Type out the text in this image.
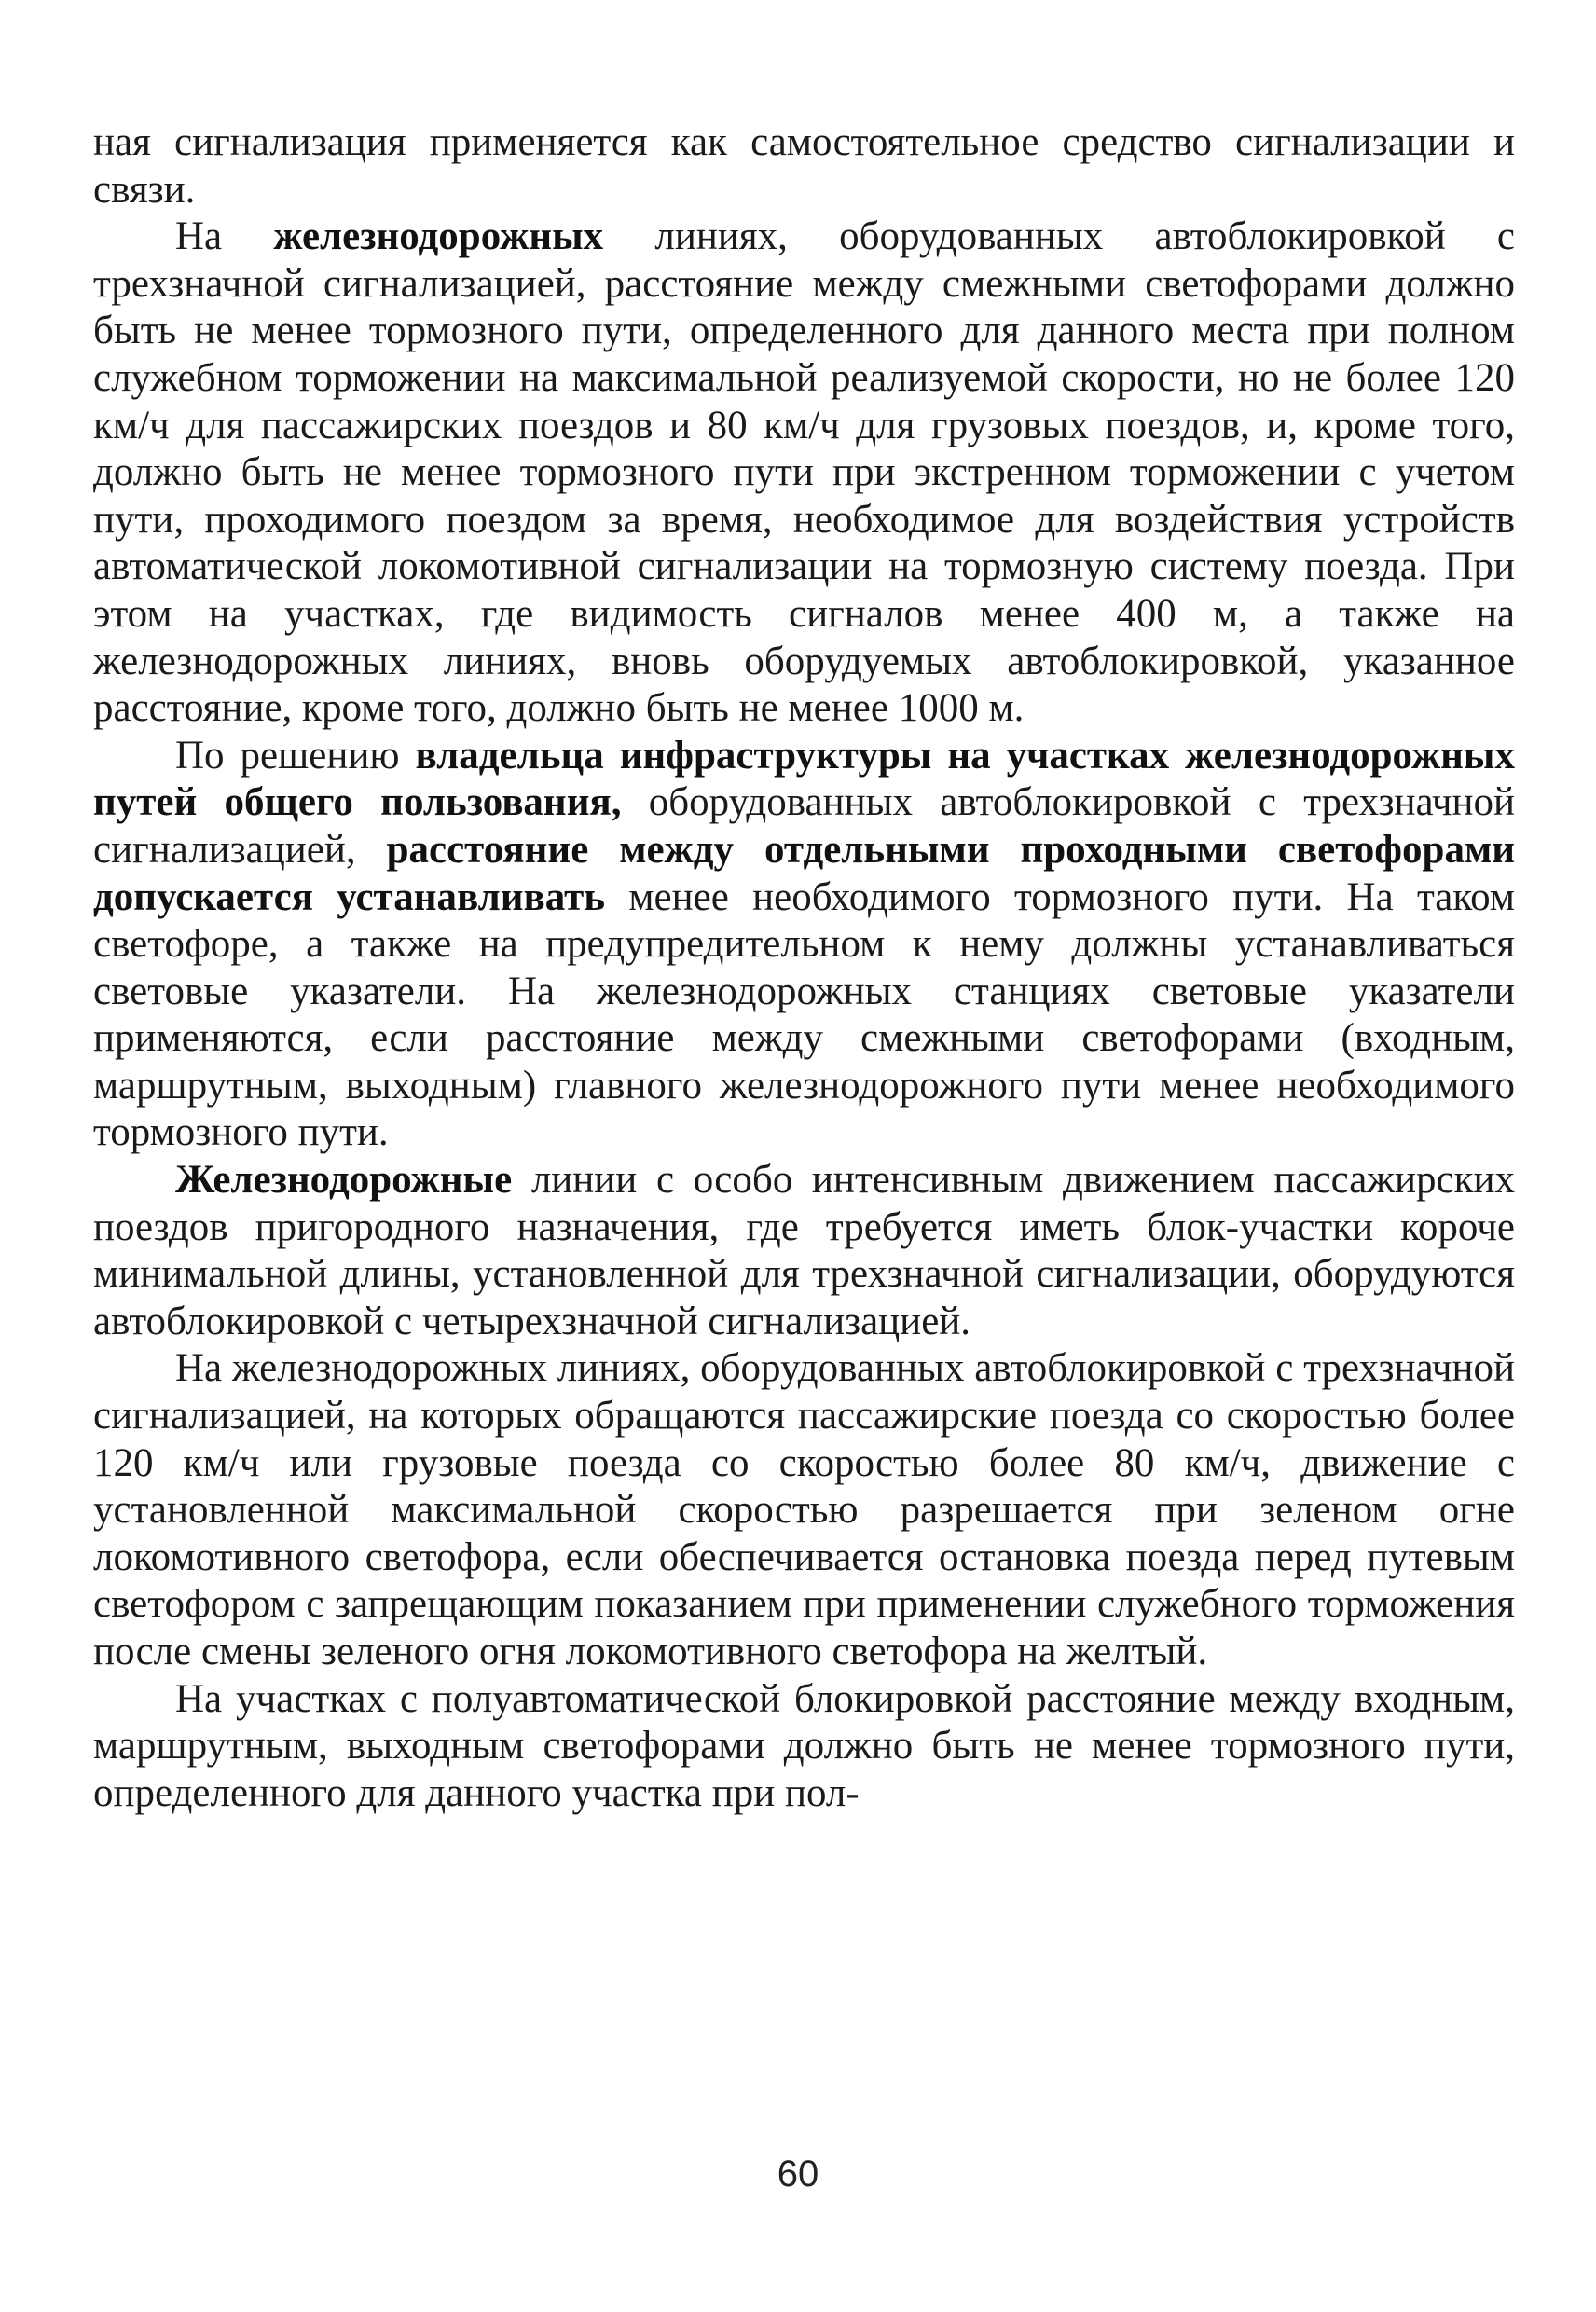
ная сигнализация применяется как самостоятельное средство сигнализации и связи.

На железнодорожных линиях, оборудованных автоблокировкой с трехзначной сигнализацией, расстояние между смежными светофорами должно быть не менее тормозного пути, определенного для данного места при полном служебном торможении на максимальной реализуемой скорости, но не более 120 км/ч для пассажирских поездов и 80 км/ч для грузовых поездов, и, кроме того, должно быть не менее тормозного пути при экстренном торможении с учетом пути, проходимого поездом за время, необходимое для воздействия устройств автоматической локомотивной сигнализации на тормозную систему поезда. При этом на участках, где видимость сигналов менее 400 м, а также на железнодорожных линиях, вновь оборудуемых автоблокировкой, указанное расстояние, кроме того, должно быть не менее 1000 м.

По решению владельца инфраструктуры на участках железнодорожных путей общего пользования, оборудованных автоблокировкой с трехзначной сигнализацией, расстояние между отдельными проходными светофорами допускается устанавливать менее необходимого тормозного пути. На таком светофоре, а также на предупредительном к нему должны устанавливаться световые указатели. На железнодорожных станциях световые указатели применяются, если расстояние между смежными светофорами (входным, маршрутным, выходным) главного железнодорожного пути менее необходимого тормозного пути.

Железнодорожные линии с особо интенсивным движением пассажирских поездов пригородного назначения, где требуется иметь блок-участки короче минимальной длины, установленной для трехзначной сигнализации, оборудуются автоблокировкой с четырехзначной сигнализацией.

На железнодорожных линиях, оборудованных автоблокировкой с трехзначной сигнализацией, на которых обращаются пассажирские поезда со скоростью более 120 км/ч или грузовые поезда со скоростью более 80 км/ч, движение с установленной максимальной скоростью разрешается при зеленом огне локомотивного светофора, если обеспечивается остановка поезда перед путевым светофором с запрещающим показанием при применении служебного торможения после смены зеленого огня локомотивного светофора на желтый.

На участках с полуавтоматической блокировкой расстояние между входным, маршрутным, выходным светофорами должно быть не менее тормозного пути, определенного для данного участка при пол-

60
